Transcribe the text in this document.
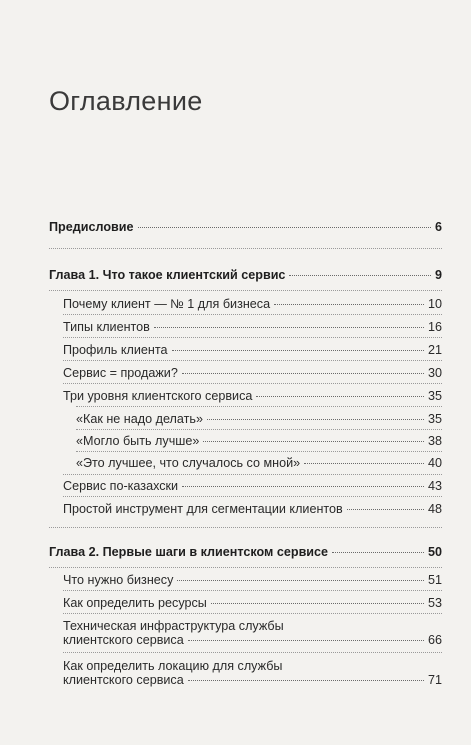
Оглавление
Предисловие	6
Глава 1. Что такое клиентский сервис	9
Почему клиент — № 1 для бизнеса	10
Типы клиентов	16
Профиль клиента	21
Сервис = продажи?	30
Три уровня клиентского сервиса	35
«Как не надо делать»	35
«Могло быть лучше»	38
«Это лучшее, что случалось со мной»	40
Сервис по-казахски	43
Простой инструмент для сегментации клиентов	48
Глава 2. Первые шаги в клиентском сервисе	50
Что нужно бизнесу	51
Как определить ресурсы	53
Техническая инфраструктура службы
клиентского сервиса	66
Как определить локацию для службы
клиентского сервиса	71
